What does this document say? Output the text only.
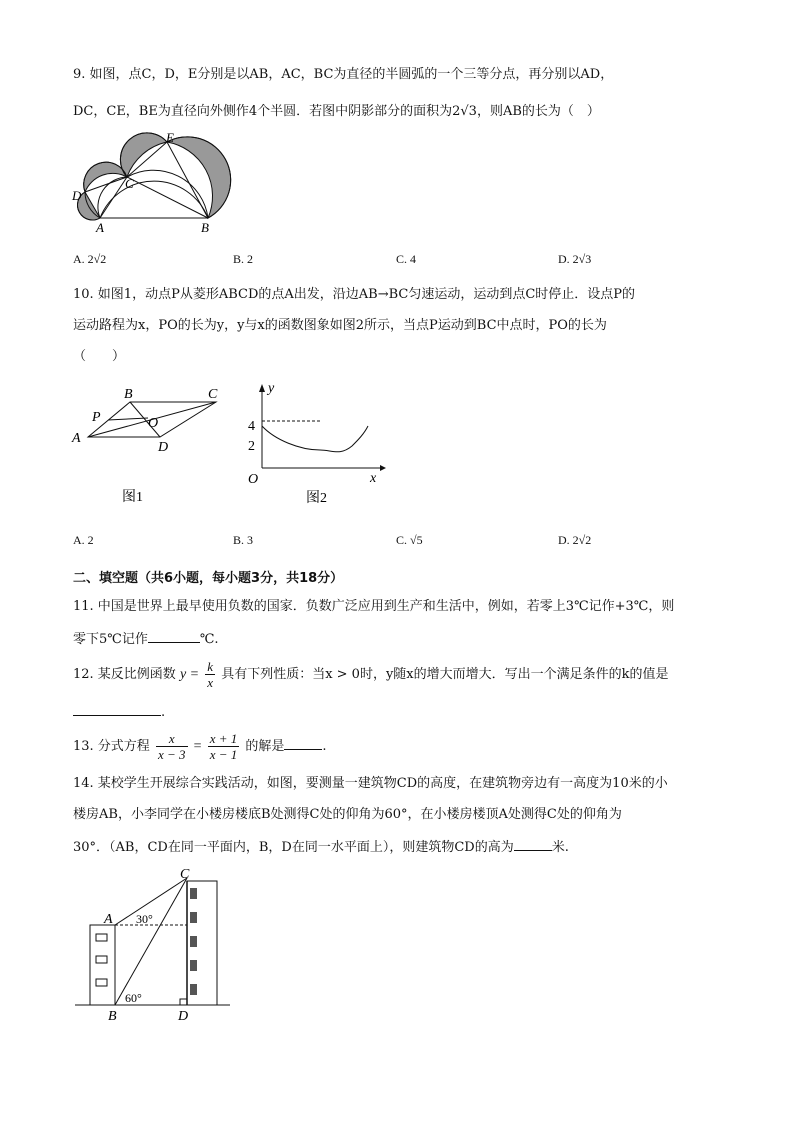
9. 如图，点C，D，E分别是以AB，AC，BC为直径的半圆弧的一个三等分点，再分别以AD，
DC，CE，BE为直径向外侧作4个半圆．若图中阴影部分的面积为2√3，则AB的长为（　）
D
C
E
A	B
A. 2√2	B. 2	C. 4	D. 2√3
10. 如图1，动点P从菱形ABCD的点A出发，沿边AB→BC匀速运动，运动到点C时停止．设点P的
运动路程为x，PO的长为y，y与x的函数图象如图2所示，当点P运动到BC中点时，PO的长为
（　　）
A
B	C
D
P	O
图1
y
x
O
4
2
图2
A. 2	B. 3	C. √5	D. 2√2
二、填空题（共6小题，每小题3分，共18分）
11. 中国是世界上最早使用负数的国家．负数广泛应用到生产和生活中，例如，若零上3℃记作+3℃，则
零下5℃记作	℃.
12. 某反比例函数 $y = \frac{k}{x}$ 具有下列性质：当x > 0时，y随x的增大而增大．写出一个满足条件的k的值是
.
13. 分式方程 $\frac{x}{x - 3} = \frac{x + 1}{x - 1}$ 的解是	.
14. 某校学生开展综合实践活动，如图，要测量一建筑物CD的高度，在建筑物旁边有一高度为10米的小
楼房AB，小李同学在小楼房楼底B处测得C处的仰角为60°，在小楼房楼顶A处测得C处的仰角为
30°．（AB，CD在同一平面内，B，D在同一水平面上），则建筑物CD的高为	米.
C
A
B	D
30°
60°
